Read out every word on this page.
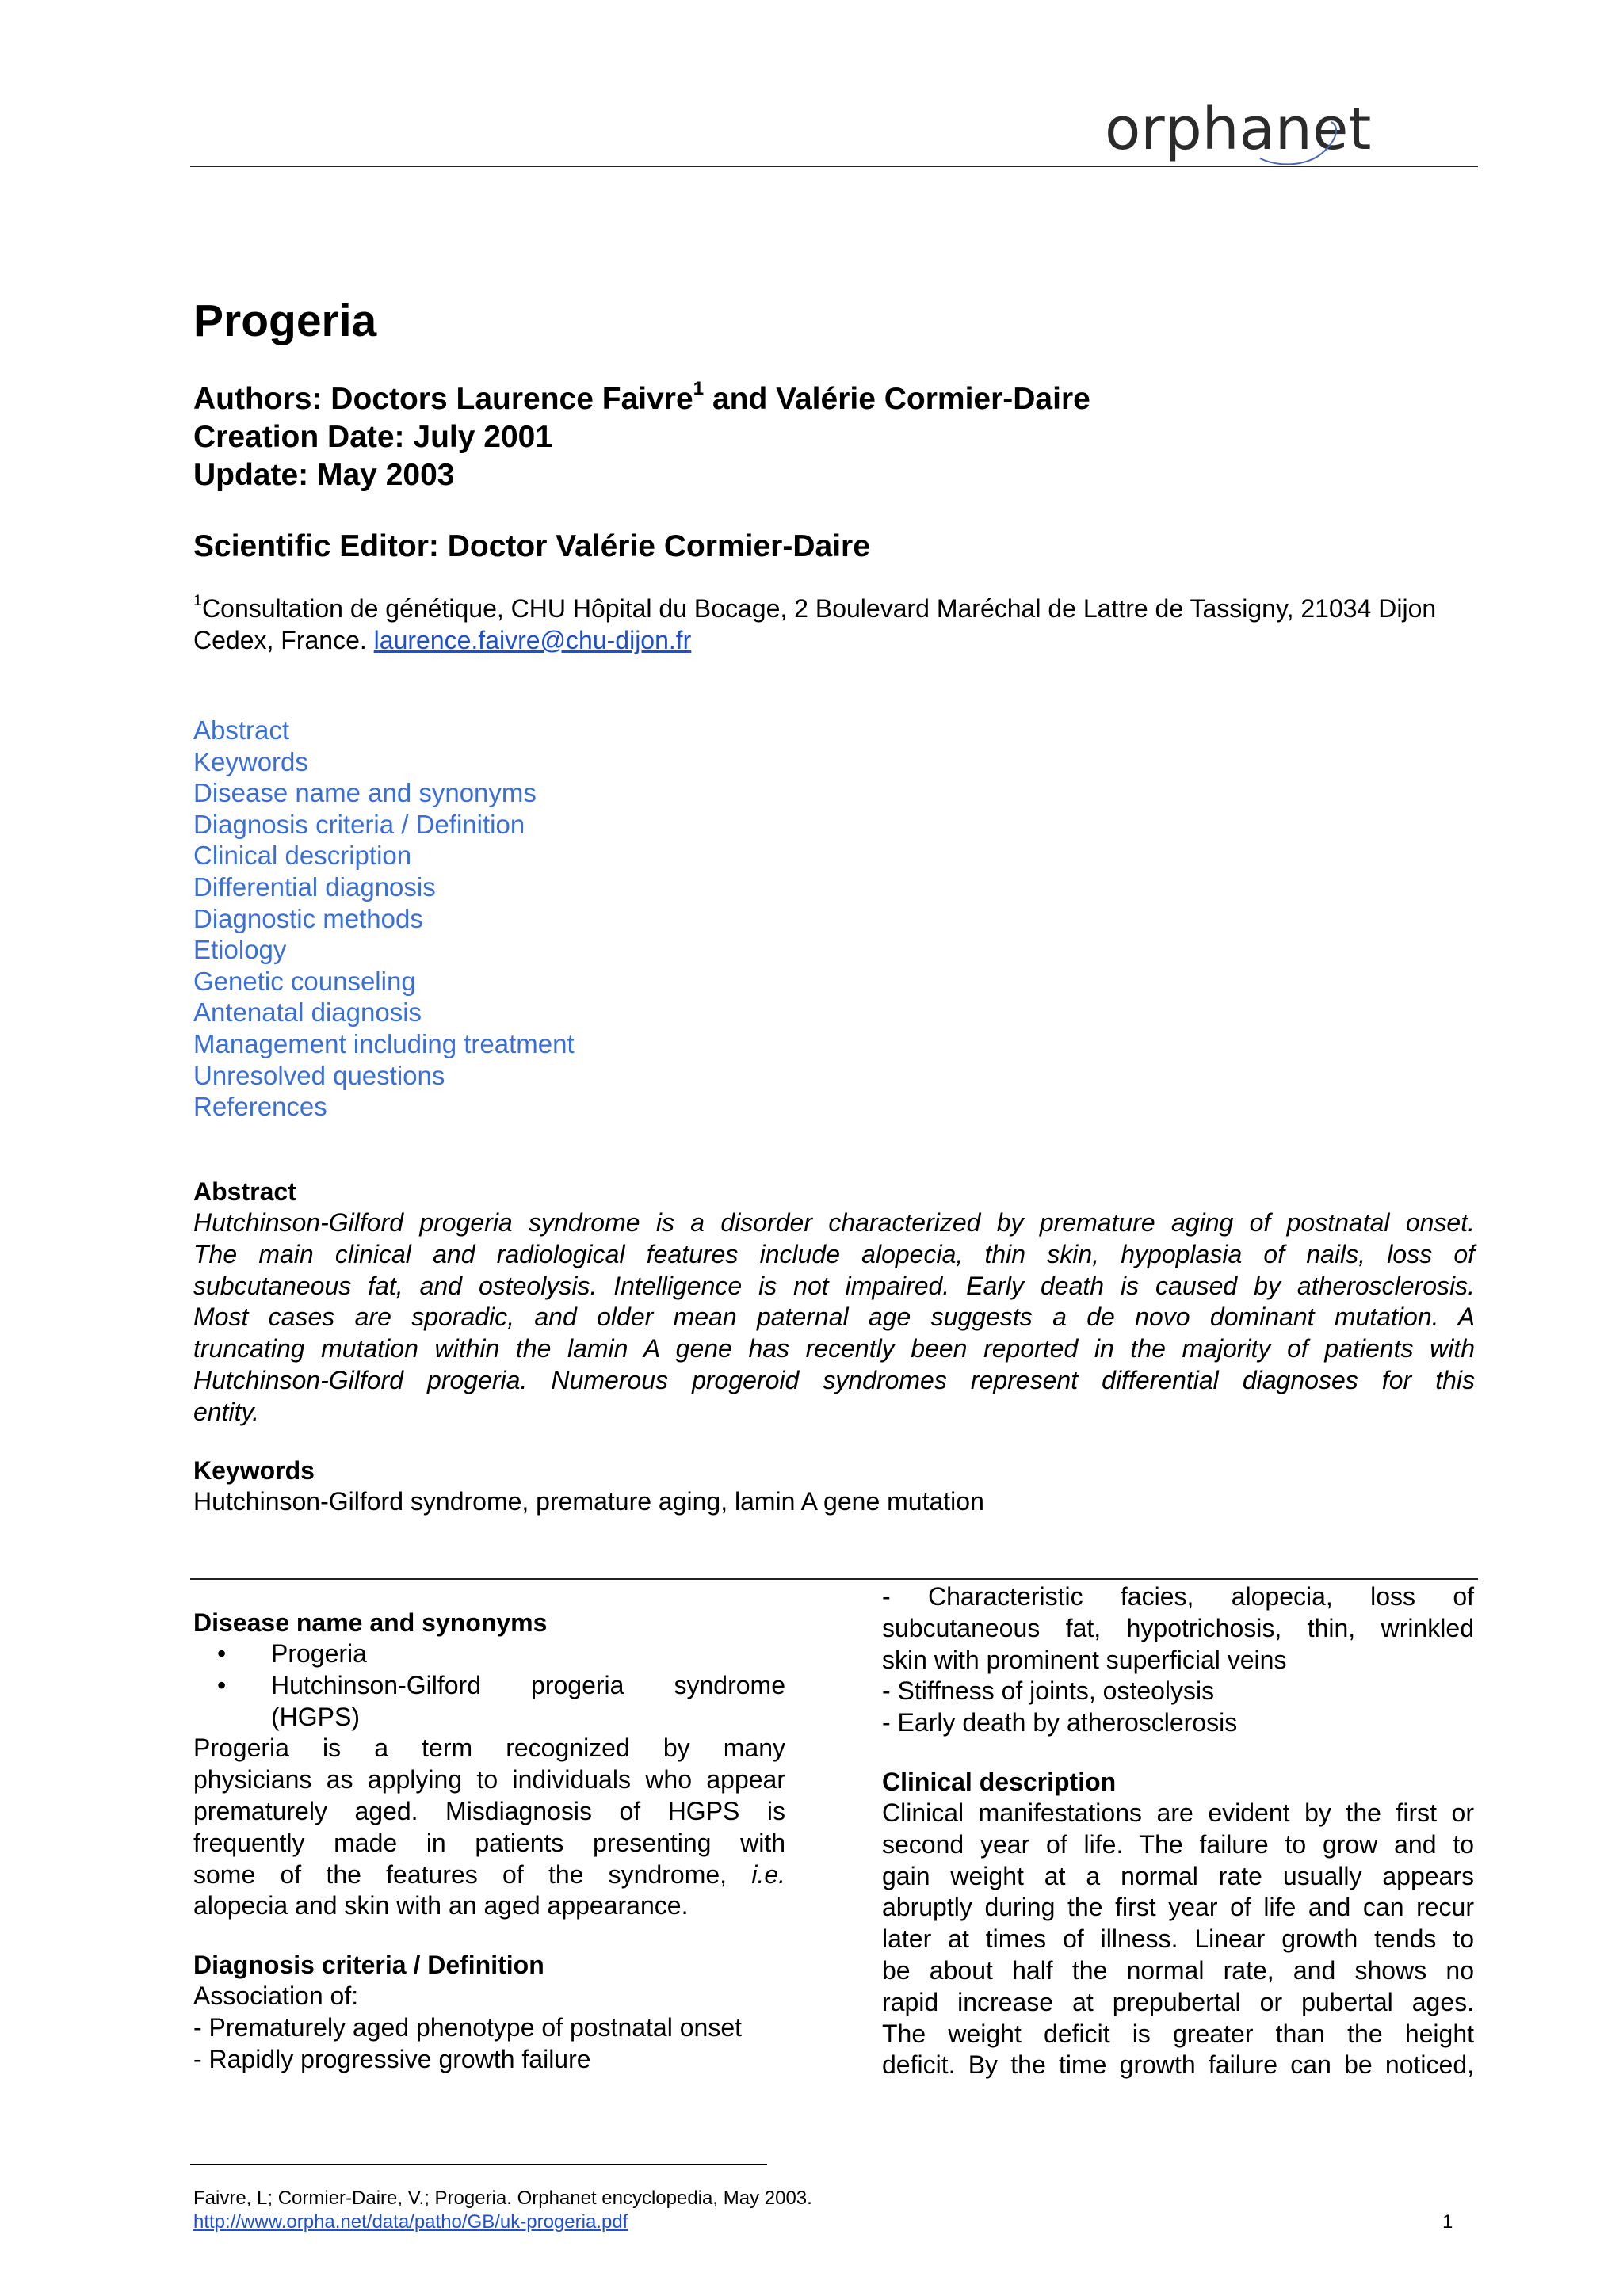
orphanet
Progeria
Authors: Doctors Laurence Faivre$^1$ and Valérie Cormier-Daire
Creation Date: July 2001
Update: May 2003
Scientific Editor: Doctor Valérie Cormier-Daire
$^1$Consultation de génétique, CHU Hôpital du Bocage, 2 Boulevard Maréchal de Lattre de Tassigny, 21034 Dijon Cedex, France. laurence.faivre@chu-dijon.fr
Abstract
Keywords
Disease name and synonyms
Diagnosis criteria / Definition
Clinical description
Differential diagnosis
Diagnostic methods
Etiology
Genetic counseling
Antenatal diagnosis
Management including treatment
Unresolved questions
References
Abstract
Hutchinson-Gilford progeria syndrome is a disorder characterized by premature aging of postnatal onset.
The main clinical and radiological features include alopecia, thin skin, hypoplasia of nails, loss of
subcutaneous fat, and osteolysis. Intelligence is not impaired. Early death is caused by atherosclerosis.
Most cases are sporadic, and older mean paternal age suggests a de novo dominant mutation. A
truncating mutation within the lamin A gene has recently been reported in the majority of patients with
Hutchinson-Gilford progeria. Numerous progeroid syndromes represent differential diagnoses for this
entity.
Keywords
Hutchinson-Gilford syndrome, premature aging, lamin A gene mutation
Disease name and synonyms
• Progeria
• Hutchinson-Gilford progeria syndrome
(HGPS)
Progeria is a term recognized by many
physicians as applying to individuals who appear
prematurely aged. Misdiagnosis of HGPS is
frequently made in patients presenting with
some of the features of the syndrome, i.e.
alopecia and skin with an aged appearance.
Diagnosis criteria / Definition
Association of:
- Prematurely aged phenotype of postnatal onset
- Rapidly progressive growth failure
- Characteristic facies, alopecia, loss of
subcutaneous fat, hypotrichosis, thin, wrinkled
skin with prominent superficial veins
- Stiffness of joints, osteolysis
- Early death by atherosclerosis
Clinical description
Clinical manifestations are evident by the first or
second year of life. The failure to grow and to
gain weight at a normal rate usually appears
abruptly during the first year of life and can recur
later at times of illness. Linear growth tends to
be about half the normal rate, and shows no
rapid increase at prepubertal or pubertal ages.
The weight deficit is greater than the height
deficit. By the time growth failure can be noticed,
Faivre, L; Cormier-Daire, V.; Progeria. Orphanet encyclopedia, May 2003.
http://www.orpha.net/data/patho/GB/uk-progeria.pdf	1
